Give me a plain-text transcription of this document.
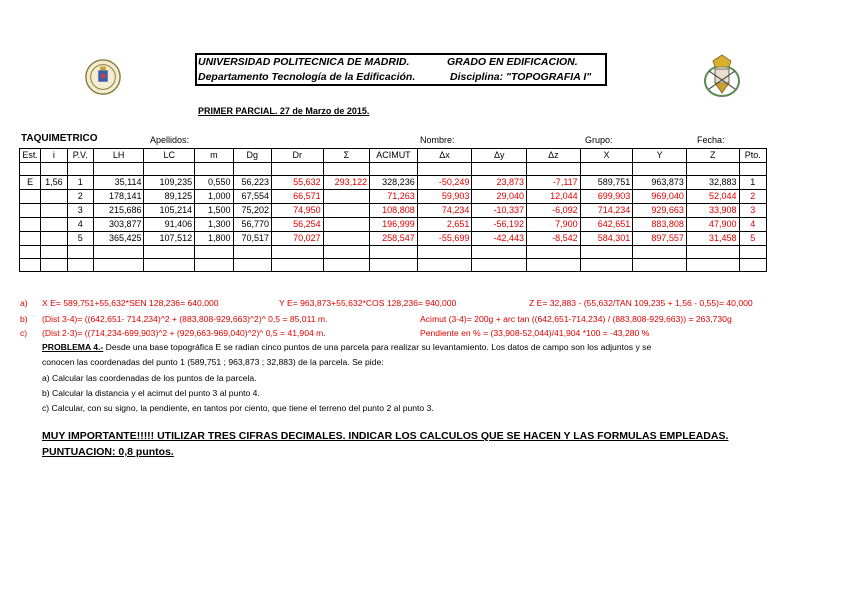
UNIVERSIDAD POLITECNICA DE MADRID.	GRADO EN EDIFICACION.
Departamento Tecnología de la Edificación.	Disciplina: "TOPOGRAFIA I"
PRIMER PARCIAL. 27 de Marzo de 2015.
TAQUIMETRICO	Apellidos:	Nombre:	Grupo:	Fecha:
Est.	i	P.V.	LH	LC	m	Dg	Dr	Σ	ACIMUT	Δx	Δy	Δz	X	Y	Z	Pto.

E	1,56	1	35,114	109,235	0,550	56,223	55,632	293,122	328,236	-50,249	23,873	-7,117	589,751	963,873	32,883	1
		2	178,141	89,125	1,000	67,554	66,571		71,263	59,903	29,040	12,044	699,903	969,040	52,044	2
		3	215,686	105,214	1,500	75,202	74,950		108,808	74,234	-10,337	-6,092	714,234	929,663	33,908	3
		4	303,877	91,406	1,300	56,770	56,254		196,999	2,651	-56,192	7,900	642,651	883,808	47,900	4
		5	365,425	107,512	1,800	70,517	70,027		258,547	-55,699	-42,443	-8,542	584,301	897,557	31,458	5

a) X E= 589,751+55,632*SEN 128,236= 640,000	Y E= 963,873+55,632*COS 128,236= 940,000	Z E= 32,883 - (55,632/TAN 109,235 + 1,56 - 0,55)= 40,000
b) (Dist 3-4)= ((642,651- 714,234)^2 + (883,808-929,663)^2)^ 0,5 = 85,011 m.	Acimut (3-4)= 200g + arc tan ((642,651-714,234) / (883,808-929,663)) = 263,730g
c) (Dist 2-3)= ((714,234-699,903)^2 + (929,663-969,040)^2)^ 0,5 = 41,904 m.	Pendiente en % = (33,908-52,044)/41,904 *100 = -43,280 %
PROBLEMA 4.- Desde una base topográfica E se radian cinco puntos de una parcela para realizar su levantamiento. Los datos de campo son los adjuntos y se
conocen las coordenadas del punto 1 (589,751 ; 963,873 ; 32,883) de la parcela. Se pide:
a) Calcular las coordenadas de los puntos de la parcela.
b) Calcular la distancia y el acimut del punto 3 al punto 4.
c) Calcular, con su signo, la pendiente, en tantos por ciento, que tiene el terreno del punto 2 al punto 3.
MUY IMPORTANTE!!!!! UTILIZAR TRES CIFRAS DECIMALES. INDICAR LOS CALCULOS QUE SE HACEN Y LAS FORMULAS EMPLEADAS.
PUNTUACION: 0,8 puntos.
